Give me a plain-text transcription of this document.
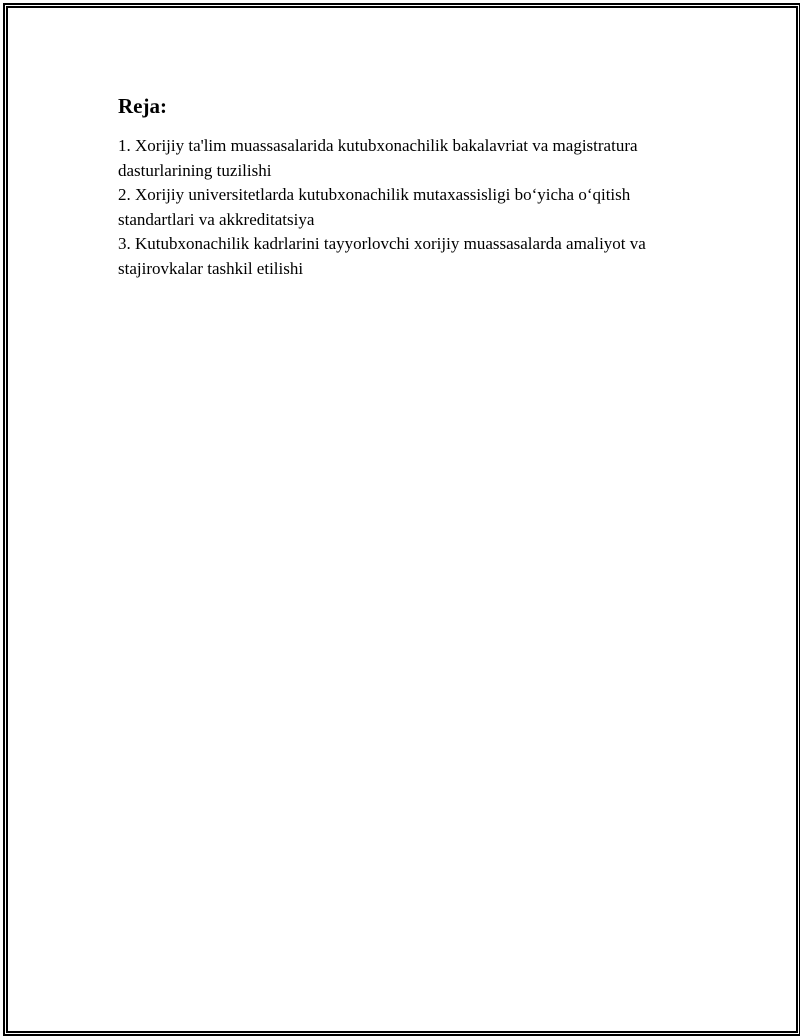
Reja:
1. Xorijiy ta'lim muassasalarida kutubxonachilik bakalavriat va magistratura dasturlarining tuzilishi
2. Xorijiy universitetlarda kutubxonachilik mutaxassisligi bo‘yicha o‘qitish standartlari va akkreditatsiya
3. Kutubxonachilik kadrlarini tayyorlovchi xorijiy muassasalarda amaliyot va stajirovkalar tashkil etilishi
